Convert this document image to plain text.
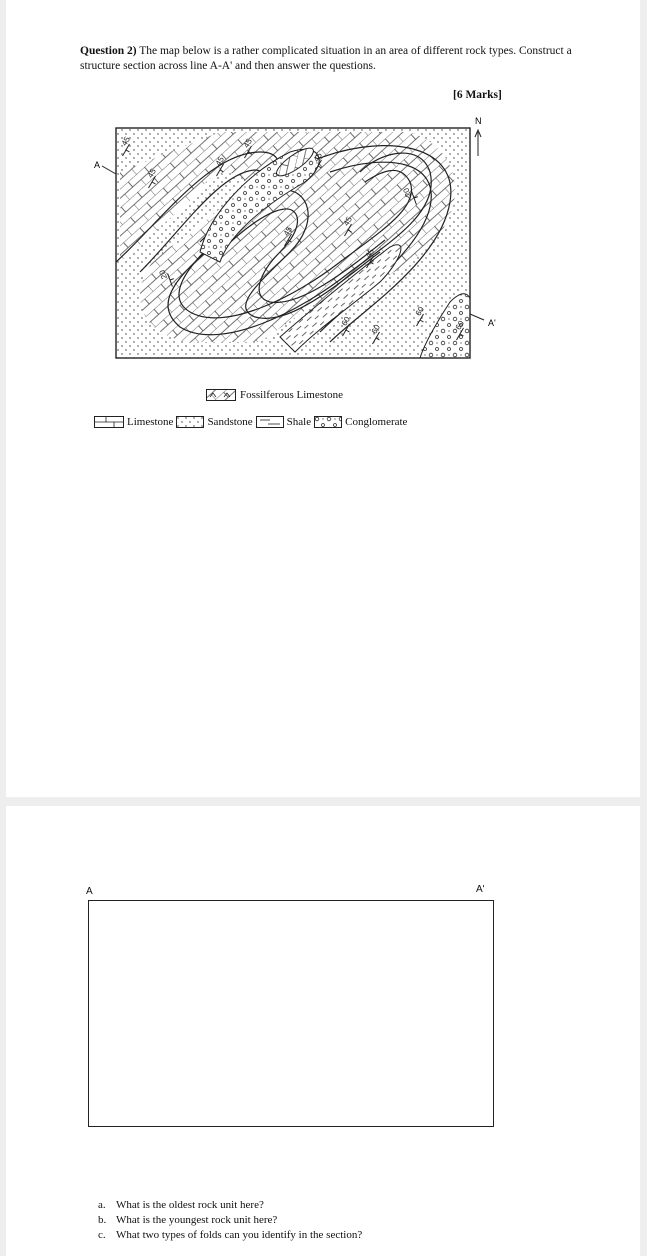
Question 2) The map below is a rather complicated situation in an area of different rock types. Construct a structure section across line A-A' and then answer the questions.
[6 Marks]
A
A'
N
45
45
45
45
45
45
45
20
20
45
60
60
60
60
Fossilferous Limestone
Limestone	Sandstone	Shale	Conglomerate
A	A'
a. What is the oldest rock unit here?
b. What is the youngest rock unit here?
c. What two types of folds can you identify in the section?
